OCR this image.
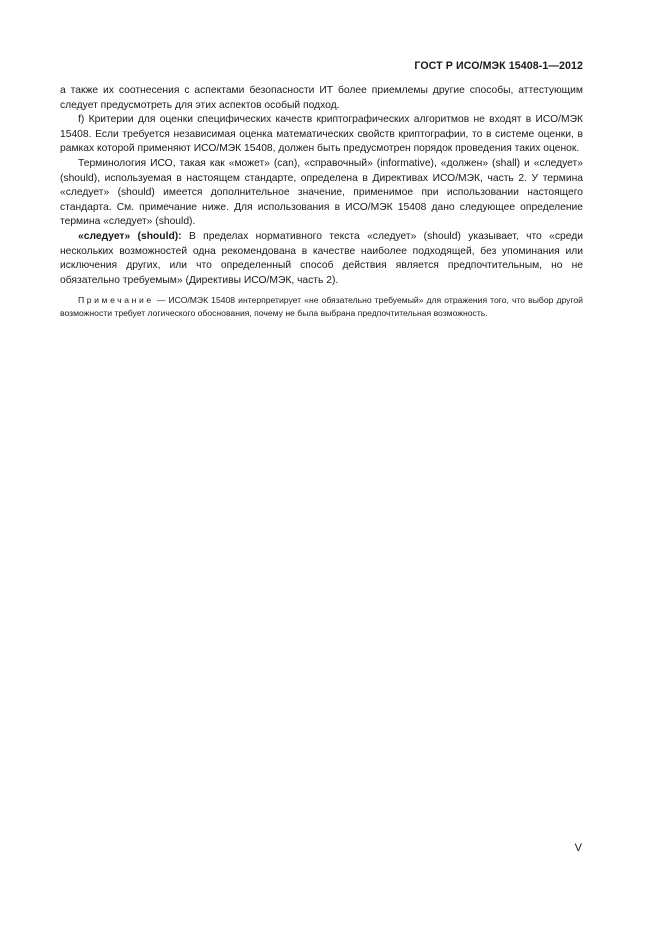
ГОСТ Р ИСО/МЭК 15408-1—2012

а также их соотнесения с аспектами безопасности ИТ более приемлемы другие способы, аттестующим следует предусмотреть для этих аспектов особый подход.

f) Критерии для оценки специфических качеств криптографических алгоритмов не входят в ИСО/МЭК 15408. Если требуется независимая оценка математических свойств криптографии, то в системе оценки, в рамках которой применяют ИСО/МЭК 15408, должен быть предусмотрен порядок проведения таких оценок.

Терминология ИСО, такая как «может» (can), «справочный» (informative), «должен» (shall) и «следует» (should), используемая в настоящем стандарте, определена в Директивах ИСО/МЭК, часть 2. У термина «следует» (should) имеется дополнительное значение, применимое при использовании настоящего стандарта. См. примечание ниже. Для использования в ИСО/МЭК 15408 дано следующее определение термина «следует» (should).

«следует» (should): В пределах нормативного текста «следует» (should) указывает, что «среди нескольких возможностей одна рекомендована в качестве наиболее подходящей, без упоминания или исключения других, или что определенный способ действия является предпочтительным, но не обязательно требуемым» (Директивы ИСО/МЭК, часть 2).

Примечание — ИСО/МЭК 15408 интерпретирует «не обязательно требуемый» для отражения того, что выбор другой возможности требует логического обоснования, почему не была выбрана предпочтительная возможность.

V
